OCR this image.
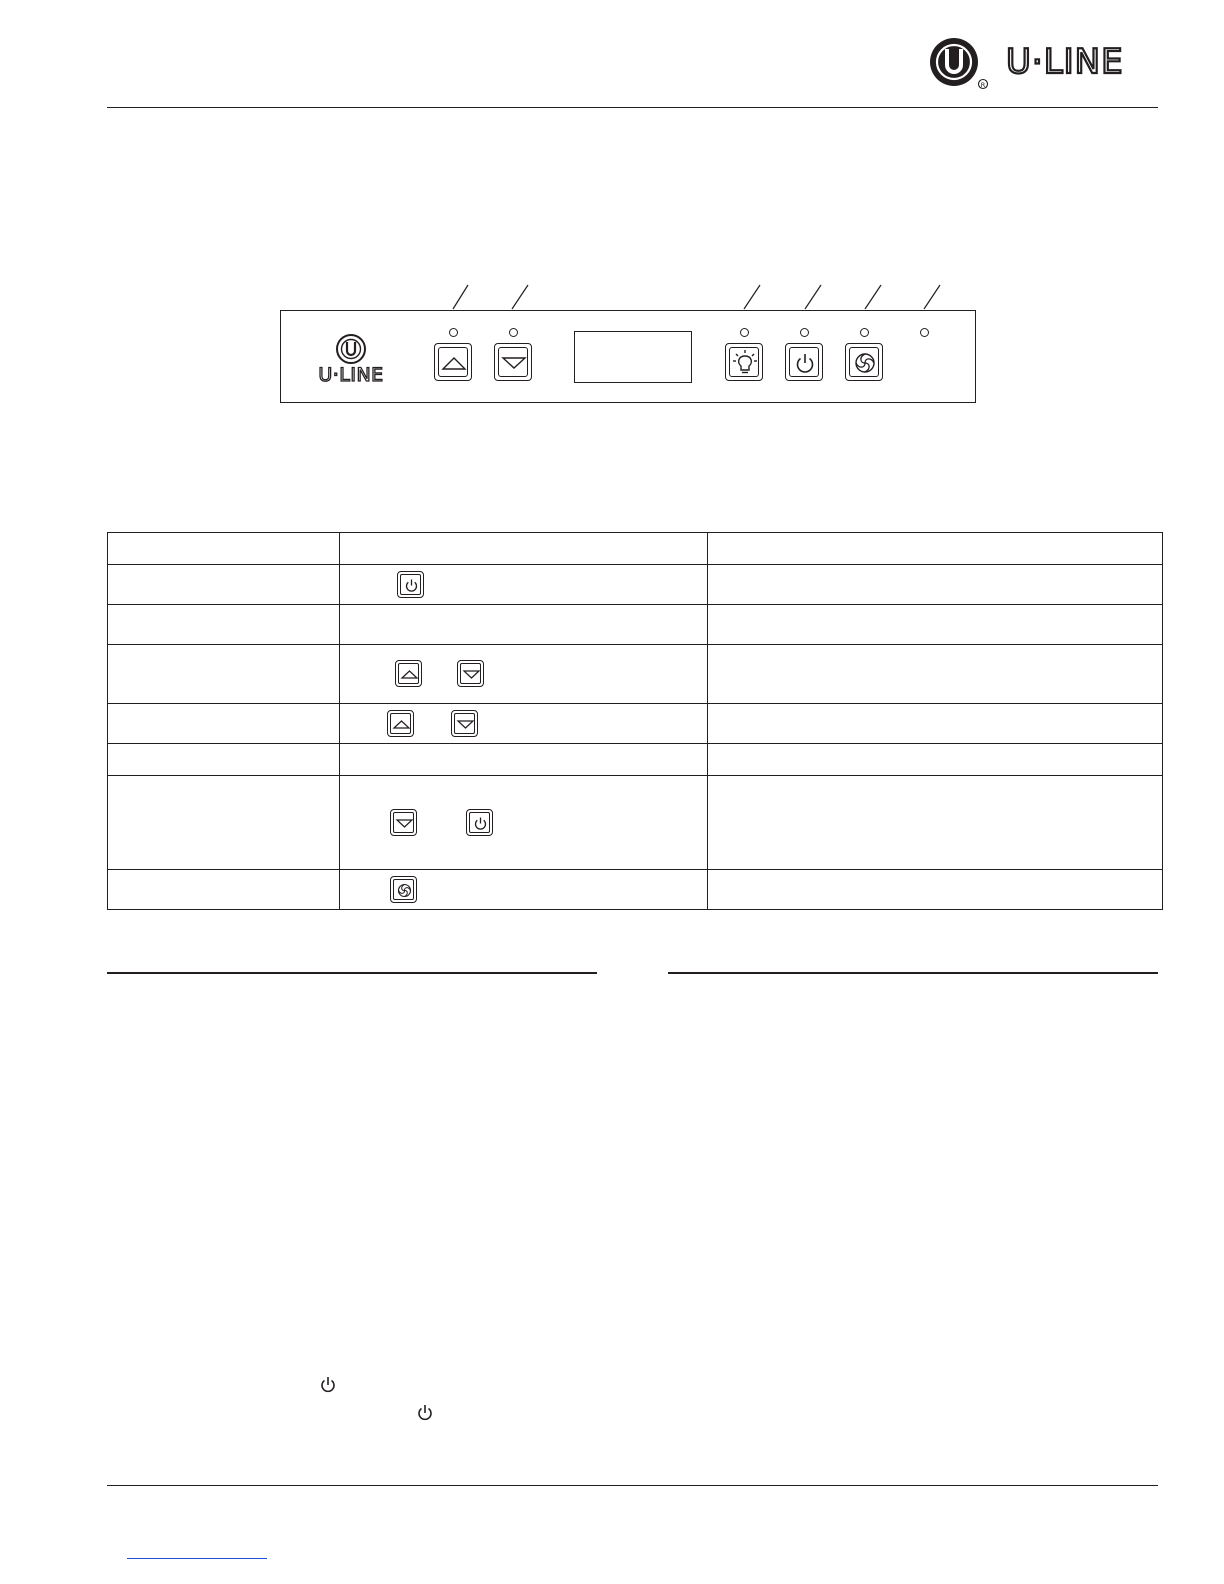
R
U·LINE
U·LINE
